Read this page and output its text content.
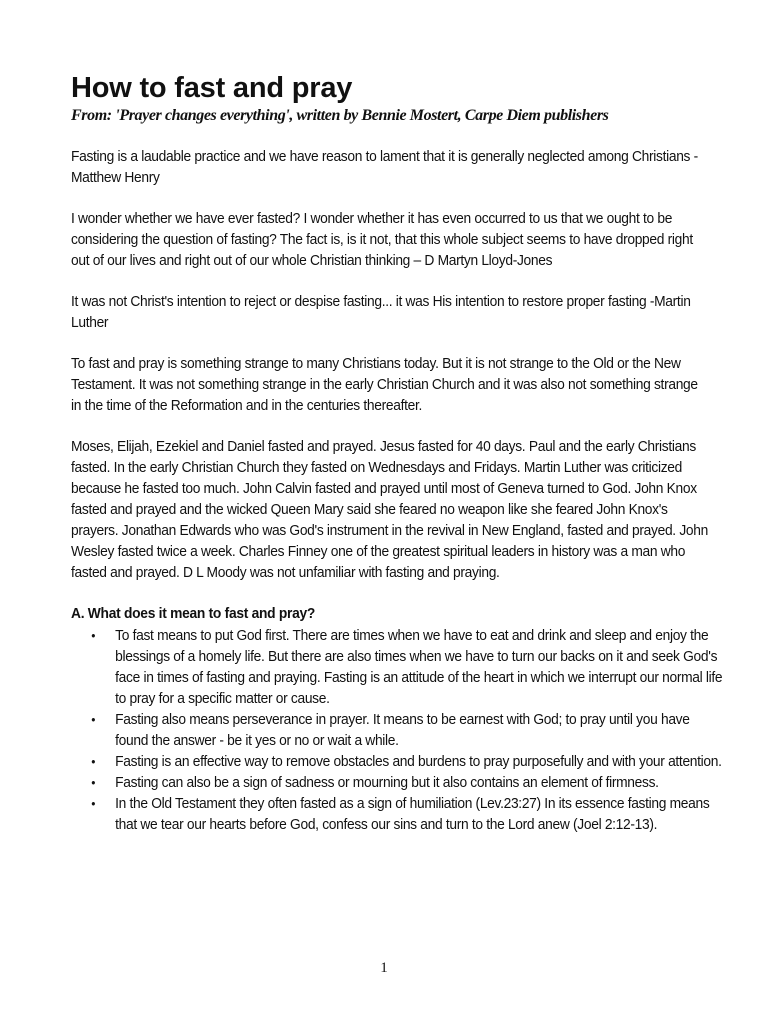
How to fast and pray
From: 'Prayer changes everything', written by Bennie Mostert, Carpe Diem publishers

Fasting is a laudable practice and we have reason to lament that it is generally neglected among Christians - Matthew Henry

I wonder whether we have ever fasted? I wonder whether it has even occurred to us that we ought to be considering the question of fasting? The fact is, is it not, that this whole subject seems to have dropped right out of our lives and right out of our whole Christian thinking – D Martyn Lloyd-Jones

It was not Christ's intention to reject or despise fasting... it was His intention to restore proper fasting -Martin Luther

To fast and pray is something strange to many Christians today. But it is not strange to the Old or the New Testament. It was not something strange in the early Christian Church and it was also not something strange in the time of the Reformation and in the centuries thereafter.

Moses, Elijah, Ezekiel and Daniel fasted and prayed. Jesus fasted for 40 days. Paul and the early Christians fasted. In the early Christian Church they fasted on Wednesdays and Fridays. Martin Luther was criticized because he fasted too much. John Calvin fasted and prayed until most of Geneva turned to God. John Knox fasted and prayed and the wicked Queen Mary said she feared no weapon like she feared John Knox's prayers. Jonathan Edwards who was God's instrument in the revival in New England, fasted and prayed. John Wesley fasted twice a week. Charles Finney one of the greatest spiritual leaders in history was a man who fasted and prayed. D L Moody was not unfamiliar with fasting and praying.

A. What does it mean to fast and pray?
• To fast means to put God first. There are times when we have to eat and drink and sleep and enjoy the blessings of a homely life. But there are also times when we have to turn our backs on it and seek God's face in times of fasting and praying. Fasting is an attitude of the heart in which we interrupt our normal life to pray for a specific matter or cause.
• Fasting also means perseverance in prayer. It means to be earnest with God; to pray until you have found the answer - be it yes or no or wait a while.
• Fasting is an effective way to remove obstacles and burdens to pray purposefully and with your attention.
• Fasting can also be a sign of sadness or mourning but it also contains an element of firmness.
• In the Old Testament they often fasted as a sign of humiliation (Lev.23:27) In its essence fasting means that we tear our hearts before God, confess our sins and turn to the Lord anew (Joel 2:12-13).
1
